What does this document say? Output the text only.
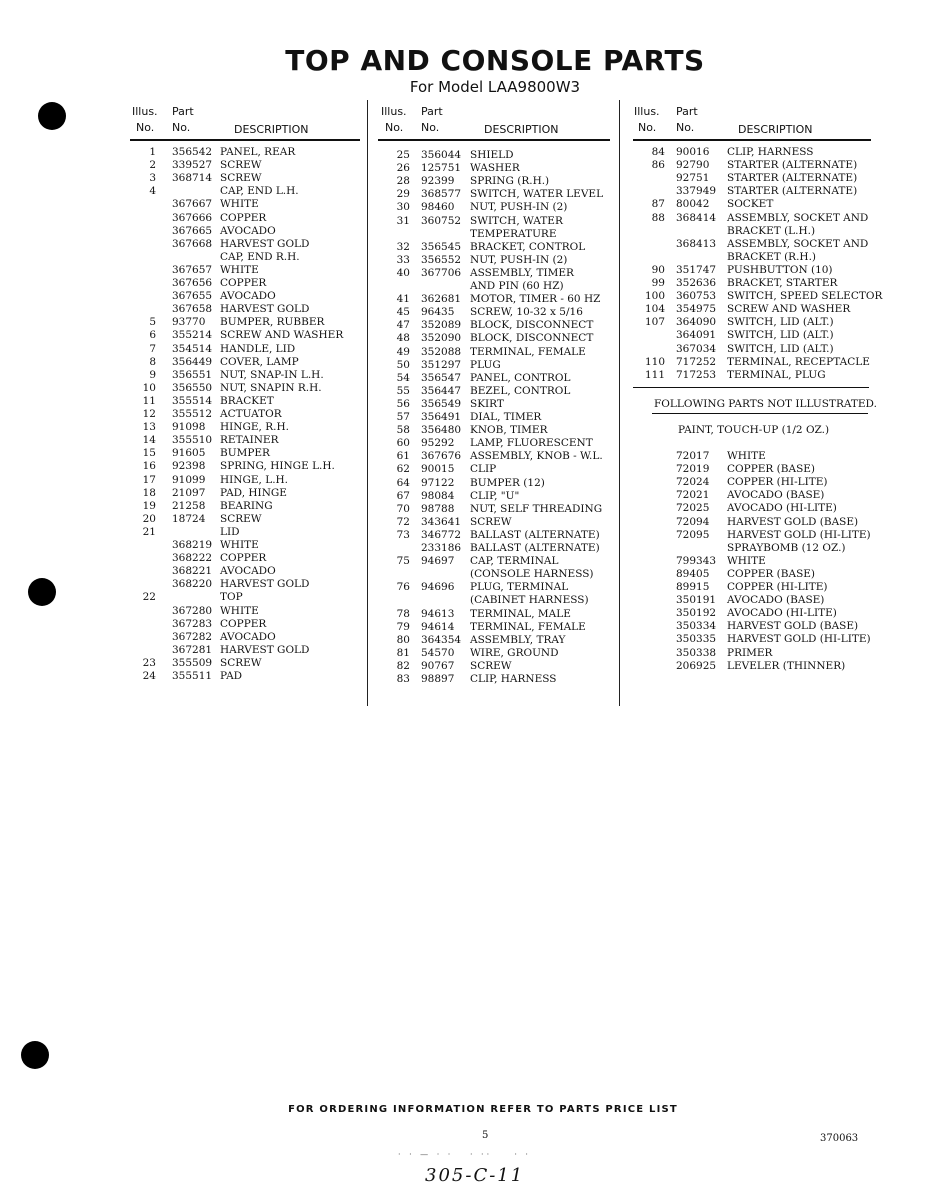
TOP AND CONSOLE PARTS
For Model LAA9800W3
Illus.
No.
Part
No.	DESCRIPTION
Illus.
No.
Part
No.	DESCRIPTION
Illus.
No.
Part
No.	DESCRIPTION
1 356542 PANEL, REAR
2 339527 SCREW
3 368714 SCREW
4	CAP, END L.H.
367667 WHITE
367666 COPPER
367665 AVOCADO
367668 HARVEST GOLD
CAP, END R.H.
367657 WHITE
367656 COPPER
367655 AVOCADO
367658 HARVEST GOLD
5 93770 BUMPER, RUBBER
6 355214 SCREW AND WASHER
7 354514 HANDLE, LID
8 356449 COVER, LAMP
9 356551 NUT, SNAP-IN L.H.
10 356550 NUT, SNAPIN R.H.
11 355514 BRACKET
12 355512 ACTUATOR
13 91098 HINGE, R.H.
14 355510 RETAINER
15 91605 BUMPER
16 92398 SPRING, HINGE L.H.
17 91099 HINGE, L.H.
18 21097 PAD, HINGE
19 21258 BEARING
20 18724 SCREW
21	LID
368219 WHITE
368222 COPPER
368221 AVOCADO
368220 HARVEST GOLD
22	TOP
367280 WHITE
367283 COPPER
367282 AVOCADO
367281 HARVEST GOLD
23 355509 SCREW
24 355511 PAD
25 356044 SHIELD
26 125751 WASHER
28 92399 SPRING (R.H.)
29 368577 SWITCH, WATER LEVEL
30 98460 NUT, PUSH-IN (2)
31 360752 SWITCH, WATER
TEMPERATURE
32 356545 BRACKET, CONTROL
33 356552 NUT, PUSH-IN (2)
40 367706 ASSEMBLY, TIMER
AND PIN (60 HZ)
41 362681 MOTOR, TIMER - 60 HZ
45 96435 SCREW, 10-32 x 5/16
47 352089 BLOCK, DISCONNECT
48 352090 BLOCK, DISCONNECT
49 352088 TERMINAL, FEMALE
50 351297 PLUG
54 356547 PANEL, CONTROL
55 356447 BEZEL, CONTROL
56 356549 SKIRT
57 356491 DIAL, TIMER
58 356480 KNOB, TIMER
60 95292 LAMP, FLUORESCENT
61 367676 ASSEMBLY, KNOB - W.L.
62 90015 CLIP
64 97122 BUMPER (12)
67 98084 CLIP, "U"
70 98788 NUT, SELF THREADING
72 343641 SCREW
73 346772 BALLAST (ALTERNATE)
233186 BALLAST (ALTERNATE)
75 94697 CAP, TERMINAL
(CONSOLE HARNESS)
76 94696 PLUG, TERMINAL
(CABINET HARNESS)
78 94613 TERMINAL, MALE
79 94614 TERMINAL, FEMALE
80 364354 ASSEMBLY, TRAY
81 54570 WIRE, GROUND
82 90767 SCREW
83 98897 CLIP, HARNESS
84 90016 CLIP, HARNESS
86 92790 STARTER (ALTERNATE)
92751 STARTER (ALTERNATE)
337949 STARTER (ALTERNATE)
87 80042 SOCKET
88 368414 ASSEMBLY, SOCKET AND
BRACKET (L.H.)
368413 ASSEMBLY, SOCKET AND
BRACKET (R.H.)
90 351747 PUSHBUTTON (10)
99 352636 BRACKET, STARTER
100 360753 SWITCH, SPEED SELECTOR
104 354975 SCREW AND WASHER
107 364090 SWITCH, LID (ALT.)
364091 SWITCH, LID (ALT.)
367034 SWITCH, LID (ALT.)
110 717252 TERMINAL, RECEPTACLE
111 717253 TERMINAL, PLUG
FOLLOWING PARTS NOT ILLUSTRATED.
PAINT, TOUCH-UP (1/2 OZ.)
72017 WHITE
72019 COPPER (BASE)
72024 COPPER (HI-LITE)
72021 AVOCADO (BASE)
72025 AVOCADO (HI-LITE)
72094 HARVEST GOLD (BASE)
72095 HARVEST GOLD (HI-LITE)
SPRAYBOMB (12 OZ.)
799343 WHITE
89405 COPPER (BASE)
89915 COPPER (HI-LITE)
350191 AVOCADO (BASE)
350192 AVOCADO (HI-LITE)
350334 HARVEST GOLD (BASE)
350335 HARVEST GOLD (HI-LITE)
350338 PRIMER
206925 LEVELER (THINNER)
FOR ORDERING INFORMATION REFER TO PARTS PRICE LIST
5	370063
· · — · ·   · ··    · ·
305-C-11
